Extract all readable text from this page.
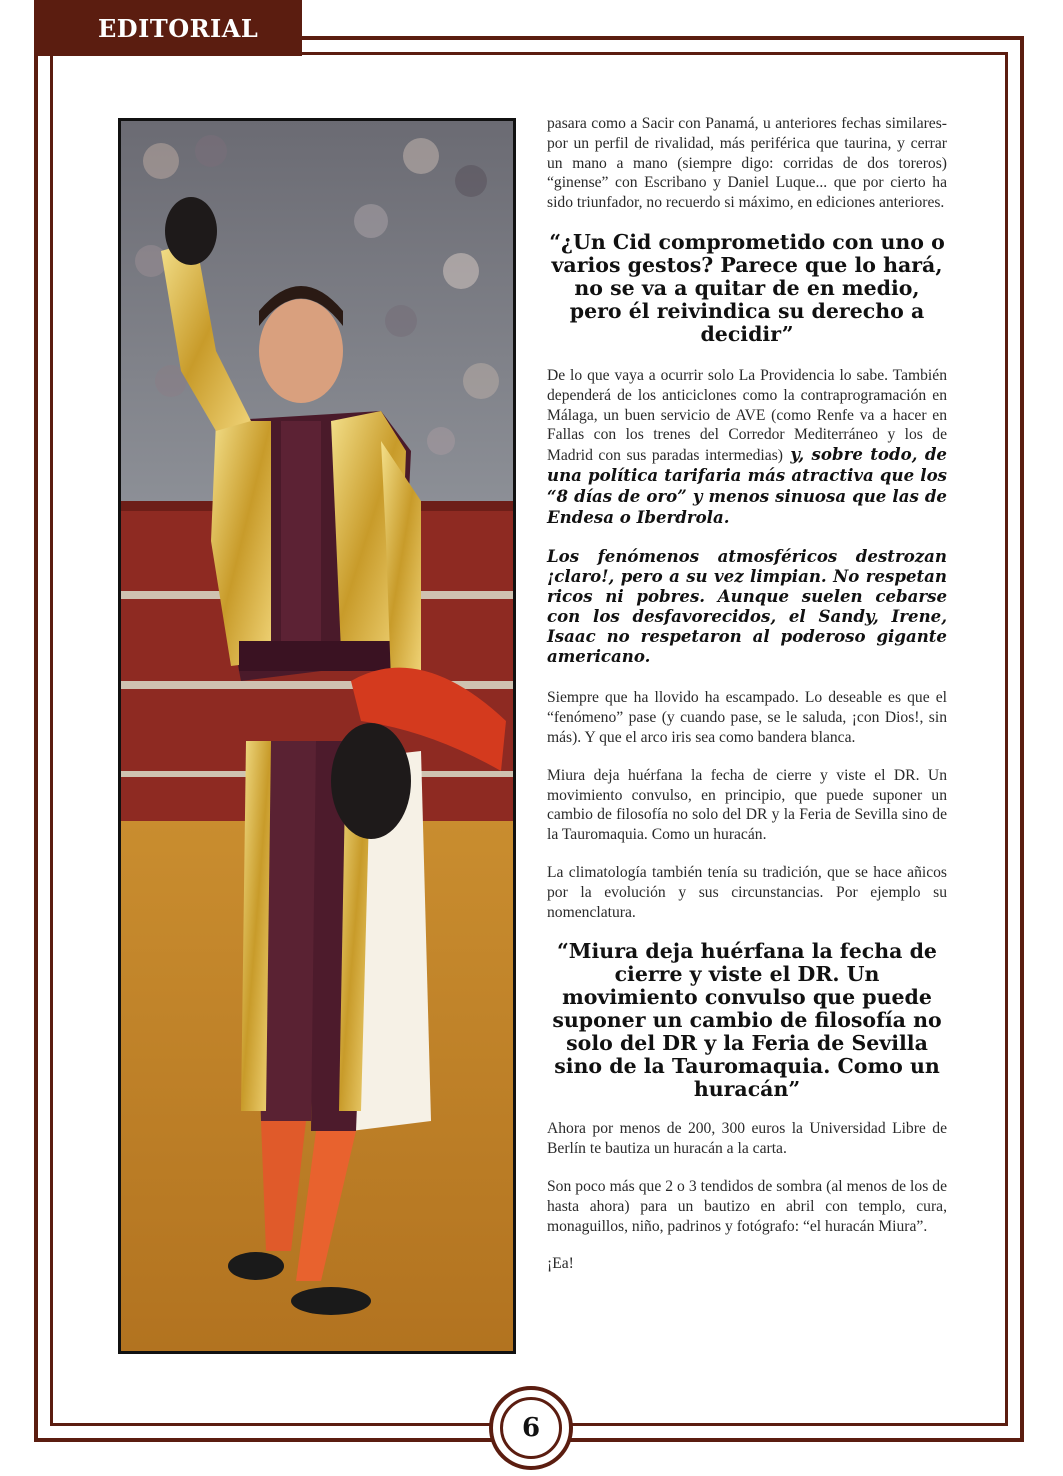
EDITORIAL

pasara como a Sacir con Panamá, u anteriores fechas similares- por un perfil de rivalidad, más periférica que taurina, y cerrar un mano a mano (siempre digo: corridas de dos toreros) “ginense” con Escribano y Daniel Luque... que por cierto ha sido triunfador, no recuerdo si máximo, en ediciones anteriores.

“¿Un Cid comprometido con uno o varios gestos? Parece que lo hará, no se va a quitar de en medio, pero él reivindica su derecho a decidir”

De lo que vaya a ocurrir solo La Providencia lo sabe. También dependerá de los anticiclones como la contraprogramación en Málaga, un buen servicio de AVE (como Renfe va a hacer en Fallas con los trenes del Corredor Mediterráneo y los de Madrid con sus paradas intermedias) y, sobre todo, de una política tarifaria más atractiva que los “8 días de oro” y menos sinuosa que las de Endesa o Iberdrola.

Los fenómenos atmosféricos destrozan ¡claro!, pero a su vez limpian. No respetan ricos ni pobres. Aunque suelen cebarse con los desfavorecidos, el Sandy, Irene, Isaac no respetaron al poderoso gigante americano.

Siempre que ha llovido ha escampado. Lo deseable es que el “fenómeno” pase (y cuando pase, se le saluda, ¡con Dios!, sin más). Y que el arco iris sea como bandera blanca.

Miura deja huérfana la fecha de cierre y viste el DR. Un movimiento convulso, en principio, que puede suponer un cambio de filosofía no solo del DR y la Feria de Sevilla sino de la Tauromaquia. Como un huracán.

La climatología también tenía su tradición, que se hace añicos por la evolución y sus circunstancias. Por ejemplo su nomenclatura.

“Miura deja huérfana la fecha de cierre y viste el DR. Un movimiento convulso que puede suponer un cambio de filosofía no solo del DR y la Feria de Sevilla sino de la Tauromaquia. Como un huracán”

Ahora por menos de 200, 300 euros la Universidad Libre de Berlín te bautiza un huracán a la carta.

Son poco más que 2 o 3 tendidos de sombra (al menos de los de hasta ahora) para un bautizo en abril con templo, cura, monaguillos, niño, padrinos y fotógrafo: “el huracán Miura”.

¡Ea!

6
